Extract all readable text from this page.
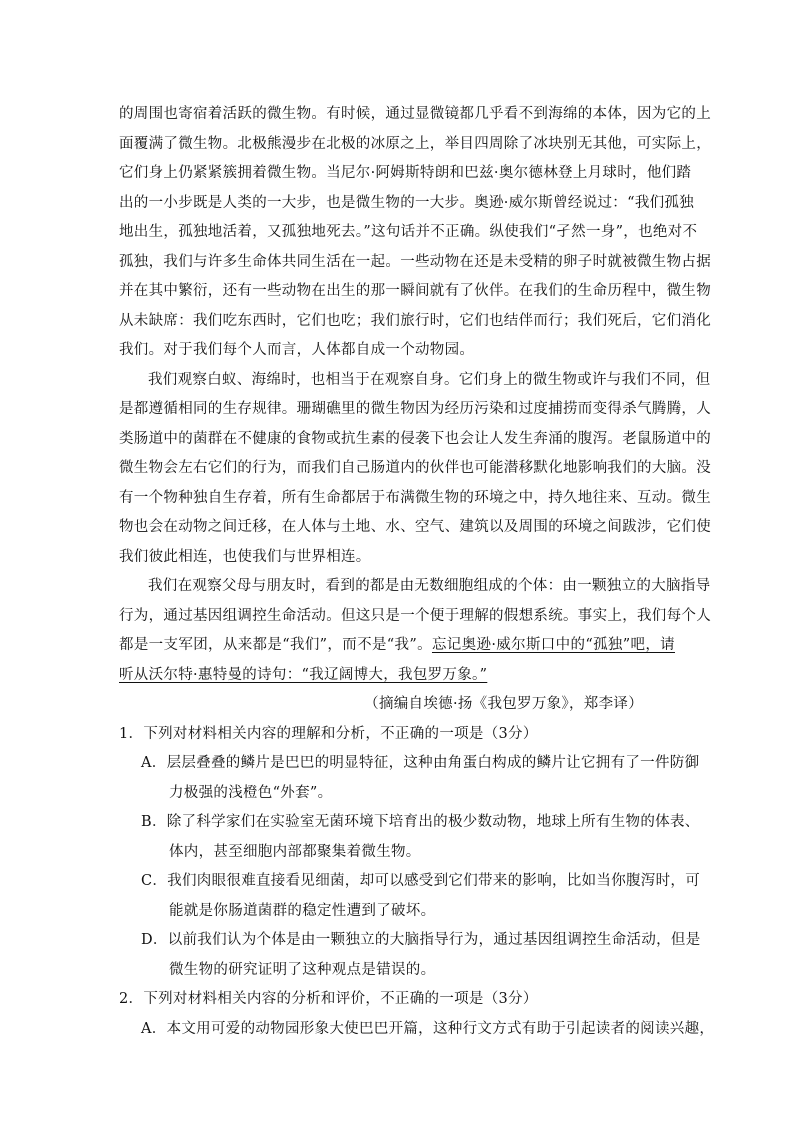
的周围也寄宿着活跃的微生物。有时候，通过显微镜都几乎看不到海绵的本体，因为它的上
面覆满了微生物。北极熊漫步在北极的冰原之上，举目四周除了冰块别无其他，可实际上，
它们身上仍紧紧簇拥着微生物。当尼尔·阿姆斯特朗和巴兹·奥尔德林登上月球时，他们踏
出的一小步既是人类的一大步，也是微生物的一大步。奥逊·威尔斯曾经说过：“我们孤独
地出生，孤独地活着，又孤独地死去。”这句话并不正确。纵使我们“孑然一身”，也绝对不
孤独，我们与许多生命体共同生活在一起。一些动物在还是未受精的卵子时就被微生物占据
并在其中繁衍，还有一些动物在出生的那一瞬间就有了伙伴。在我们的生命历程中，微生物
从未缺席：我们吃东西时，它们也吃；我们旅行时，它们也结伴而行；我们死后，它们消化
我们。对于我们每个人而言，人体都自成一个动物园。
我们观察白蚁、海绵时，也相当于在观察自身。它们身上的微生物或许与我们不同，但
是都遵循相同的生存规律。珊瑚礁里的微生物因为经历污染和过度捕捞而变得杀气腾腾，人
类肠道中的菌群在不健康的食物或抗生素的侵袭下也会让人发生奔涌的腹泻。老鼠肠道中的
微生物会左右它们的行为，而我们自己肠道内的伙伴也可能潜移默化地影响我们的大脑。没
有一个物种独自生存着，所有生命都居于布满微生物的环境之中，持久地往来、互动。微生
物也会在动物之间迁移，在人体与土地、水、空气、建筑以及周围的环境之间跋涉，它们使
我们彼此相连，也使我们与世界相连。
我们在观察父母与朋友时，看到的都是由无数细胞组成的个体：由一颗独立的大脑指导
行为，通过基因组调控生命活动。但这只是一个便于理解的假想系统。事实上，我们每个人
都是一支军团，从来都是“我们”，而不是“我”。忘记奥逊·威尔斯口中的“孤独”吧，请
听从沃尔特·惠特曼的诗句：“我辽阔博大，我包罗万象。”
（摘编自埃德·扬《我包罗万象》，郑李译）
1．下列对材料相关内容的理解和分析，不正确的一项是（3分）
A．层层叠叠的鳞片是巴巴的明显特征，这种由角蛋白构成的鳞片让它拥有了一件防御
力极强的浅橙色“外套”。
B．除了科学家们在实验室无菌环境下培育出的极少数动物，地球上所有生物的体表、
体内，甚至细胞内部都聚集着微生物。
C．我们肉眼很难直接看见细菌，却可以感受到它们带来的影响，比如当你腹泻时，可
能就是你肠道菌群的稳定性遭到了破坏。
D．以前我们认为个体是由一颗独立的大脑指导行为，通过基因组调控生命活动，但是
微生物的研究证明了这种观点是错误的。
2．下列对材料相关内容的分析和评价，不正确的一项是（3分）
A．本文用可爱的动物园形象大使巴巴开篇，这种行文方式有助于引起读者的阅读兴趣，
